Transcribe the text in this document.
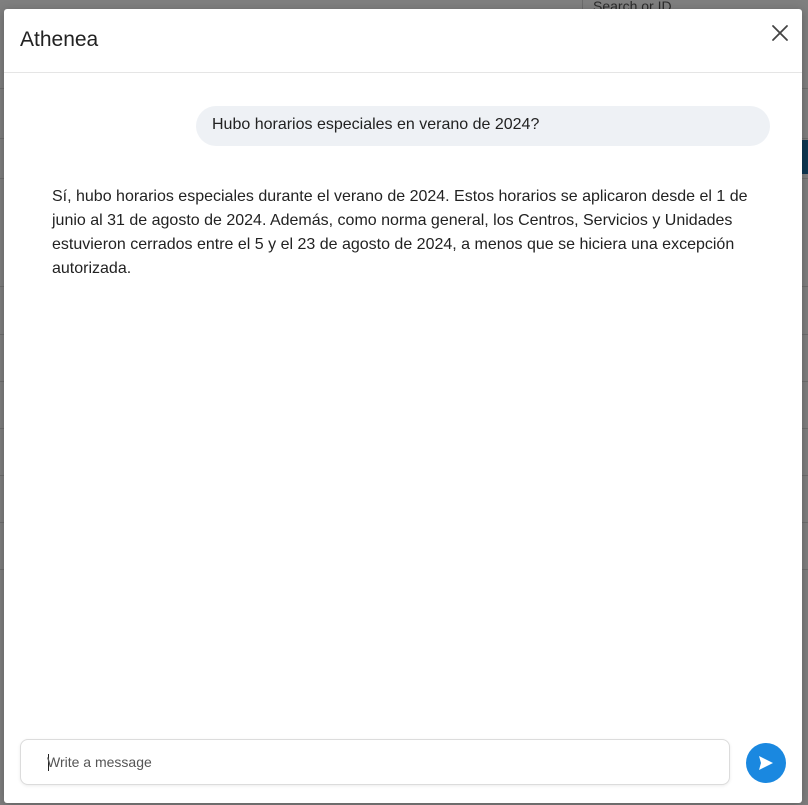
Athenea
Hubo horarios especiales en verano de 2024?
Sí, hubo horarios especiales durante el verano de 2024. Estos horarios se aplicaron desde el 1 de junio al 31 de agosto de 2024. Además, como norma general, los Centros, Servicios y Unidades estuvieron cerrados entre el 5 y el 23 de agosto de 2024, a menos que se hiciera una excepción autorizada.
Write a message
